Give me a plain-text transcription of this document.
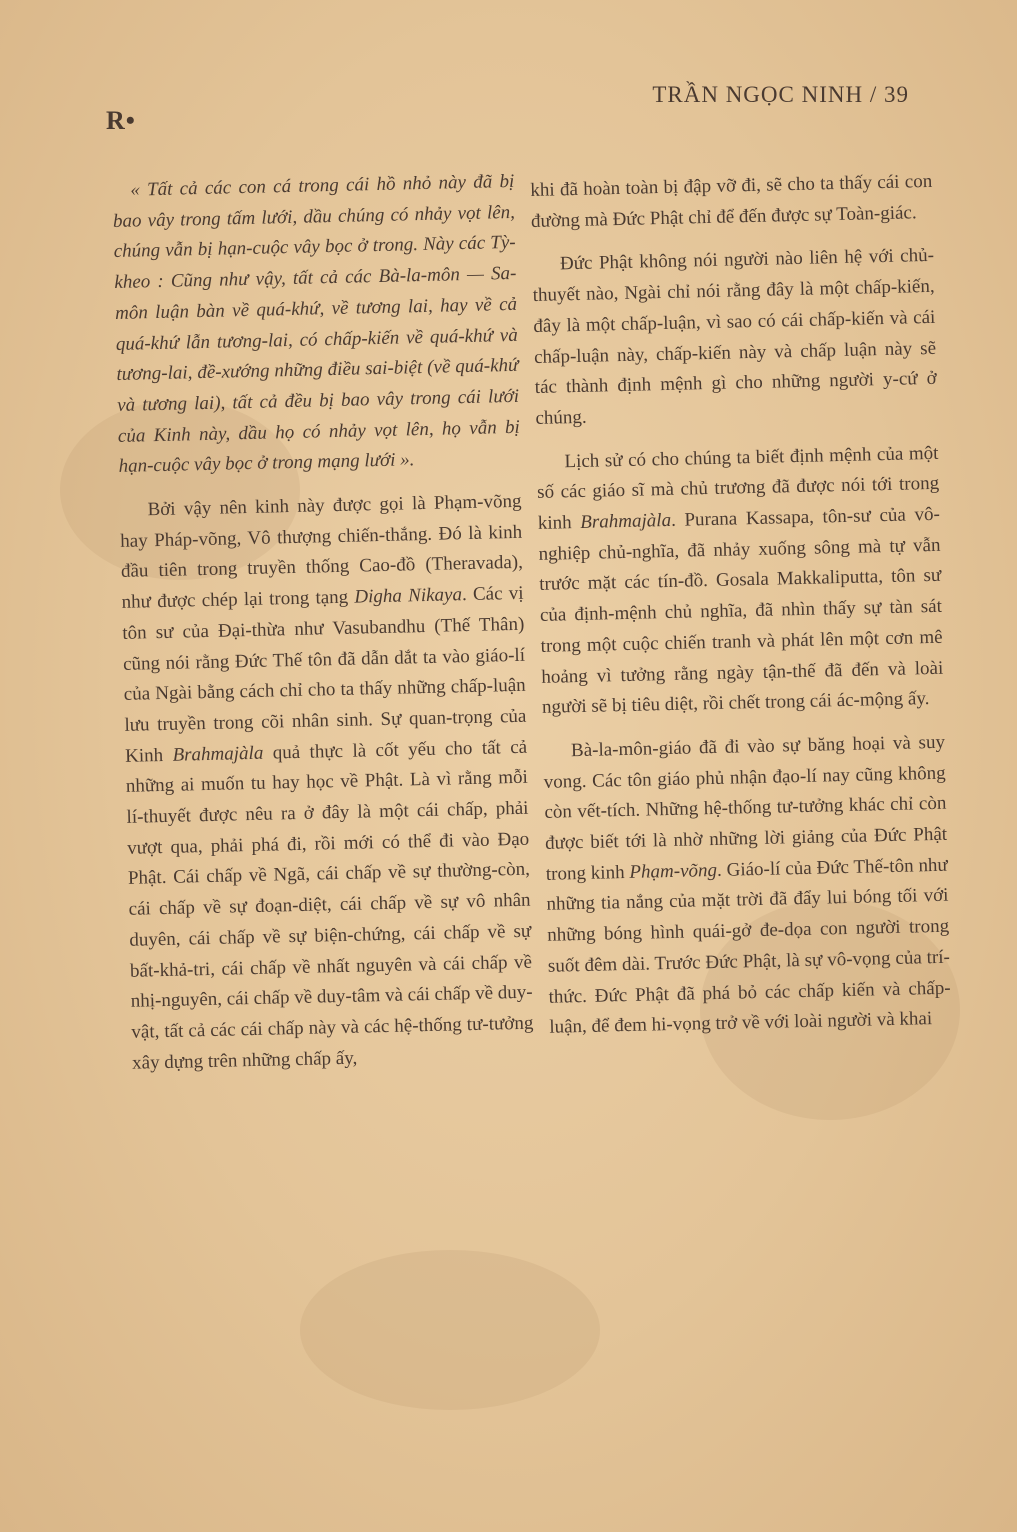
R•
TRẦN NGỌC NINH / 39

« Tất cả các con cá trong cái hồ nhỏ này đã bị bao vây trong tấm lưới, dầu chúng có nhảy vọt lên, chúng vẫn bị hạn-cuộc vây bọc ở trong. Này các Tỳ-kheo : Cũng như vậy, tất cả các Bà-la-môn — Sa-môn luận bàn về quá-khứ, về tương lai, hay về cả quá-khứ lẫn tương-lai, có chấp-kiến về quá-khứ và tương-lai, đề-xướng những điều sai-biệt (về quá-khứ và tương lai), tất cả đều bị bao vây trong cái lưới của Kinh này, dầu họ có nhảy vọt lên, họ vẫn bị hạn-cuộc vây bọc ở trong mạng lưới ».

Bởi vậy nên kinh này được gọi là Phạm-võng hay Pháp-võng, Vô thượng chiến-thắng. Đó là kinh đầu tiên trong truyền thống Cao-đồ (Theravada), như được chép lại trong tạng Digha Nikaya. Các vị tôn sư của Đại-thừa như Vasubandhu (Thế Thân) cũng nói rằng Đức Thế tôn đã dẫn dắt ta vào giáo-lí của Ngài bằng cách chỉ cho ta thấy những chấp-luận lưu truyền trong cõi nhân sinh. Sự quan-trọng của Kinh Brahmajàla quả thực là cốt yếu cho tất cả những ai muốn tu hay học về Phật. Là vì rằng mỗi lí-thuyết được nêu ra ở đây là một cái chấp, phải vượt qua, phải phá đi, rồi mới có thể đi vào Đạo Phật. Cái chấp về Ngã, cái chấp về sự thường-còn, cái chấp về sự đoạn-diệt, cái chấp về sự vô nhân duyên, cái chấp về sự biện-chứng, cái chấp về sự bất-khả-tri, cái chấp về nhất nguyên và cái chấp về nhị-nguyên, cái chấp về duy-tâm và cái chấp về duy-vật, tất cả các cái chấp này và các hệ-thống tư-tưởng xây dựng trên những chấp ấy,

khi đã hoàn toàn bị đập vỡ đi, sẽ cho ta thấy cái con đường mà Đức Phật chỉ để đến được sự Toàn-giác.

Đức Phật không nói người nào liên hệ với chủ-thuyết nào, Ngài chỉ nói rằng đây là một chấp-kiến, đây là một chấp-luận, vì sao có cái chấp-kiến và cái chấp-luận này, chấp-kiến này và chấp luận này sẽ tác thành định mệnh gì cho những người y-cứ ở chúng.

Lịch sử có cho chúng ta biết định mệnh của một số các giáo sĩ mà chủ trương đã được nói tới trong kinh Brahmajàla. Purana Kassapa, tôn-sư của vô-nghiệp chủ-nghĩa, đã nhảy xuống sông mà tự vẫn trước mặt các tín-đồ. Gosala Makkaliputta, tôn sư của định-mệnh chủ nghĩa, đã nhìn thấy sự tàn sát trong một cuộc chiến tranh và phát lên một cơn mê hoảng vì tưởng rằng ngày tận-thế đã đến và loài người sẽ bị tiêu diệt, rồi chết trong cái ác-mộng ấy.

Bà-la-môn-giáo đã đi vào sự băng hoại và suy vong. Các tôn giáo phủ nhận đạo-lí nay cũng không còn vết-tích. Những hệ-thống tư-tưởng khác chỉ còn được biết tới là nhờ những lời giảng của Đức Phật trong kinh Phạm-võng. Giáo-lí của Đức Thế-tôn như những tia nắng của mặt trời đã đẩy lui bóng tối với những bóng hình quái-gở đe-dọa con người trong suốt đêm dài. Trước Đức Phật, là sự vô-vọng của trí-thức. Đức Phật đã phá bỏ các chấp kiến và chấp-luận, để đem hi-vọng trở về với loài người và khai
